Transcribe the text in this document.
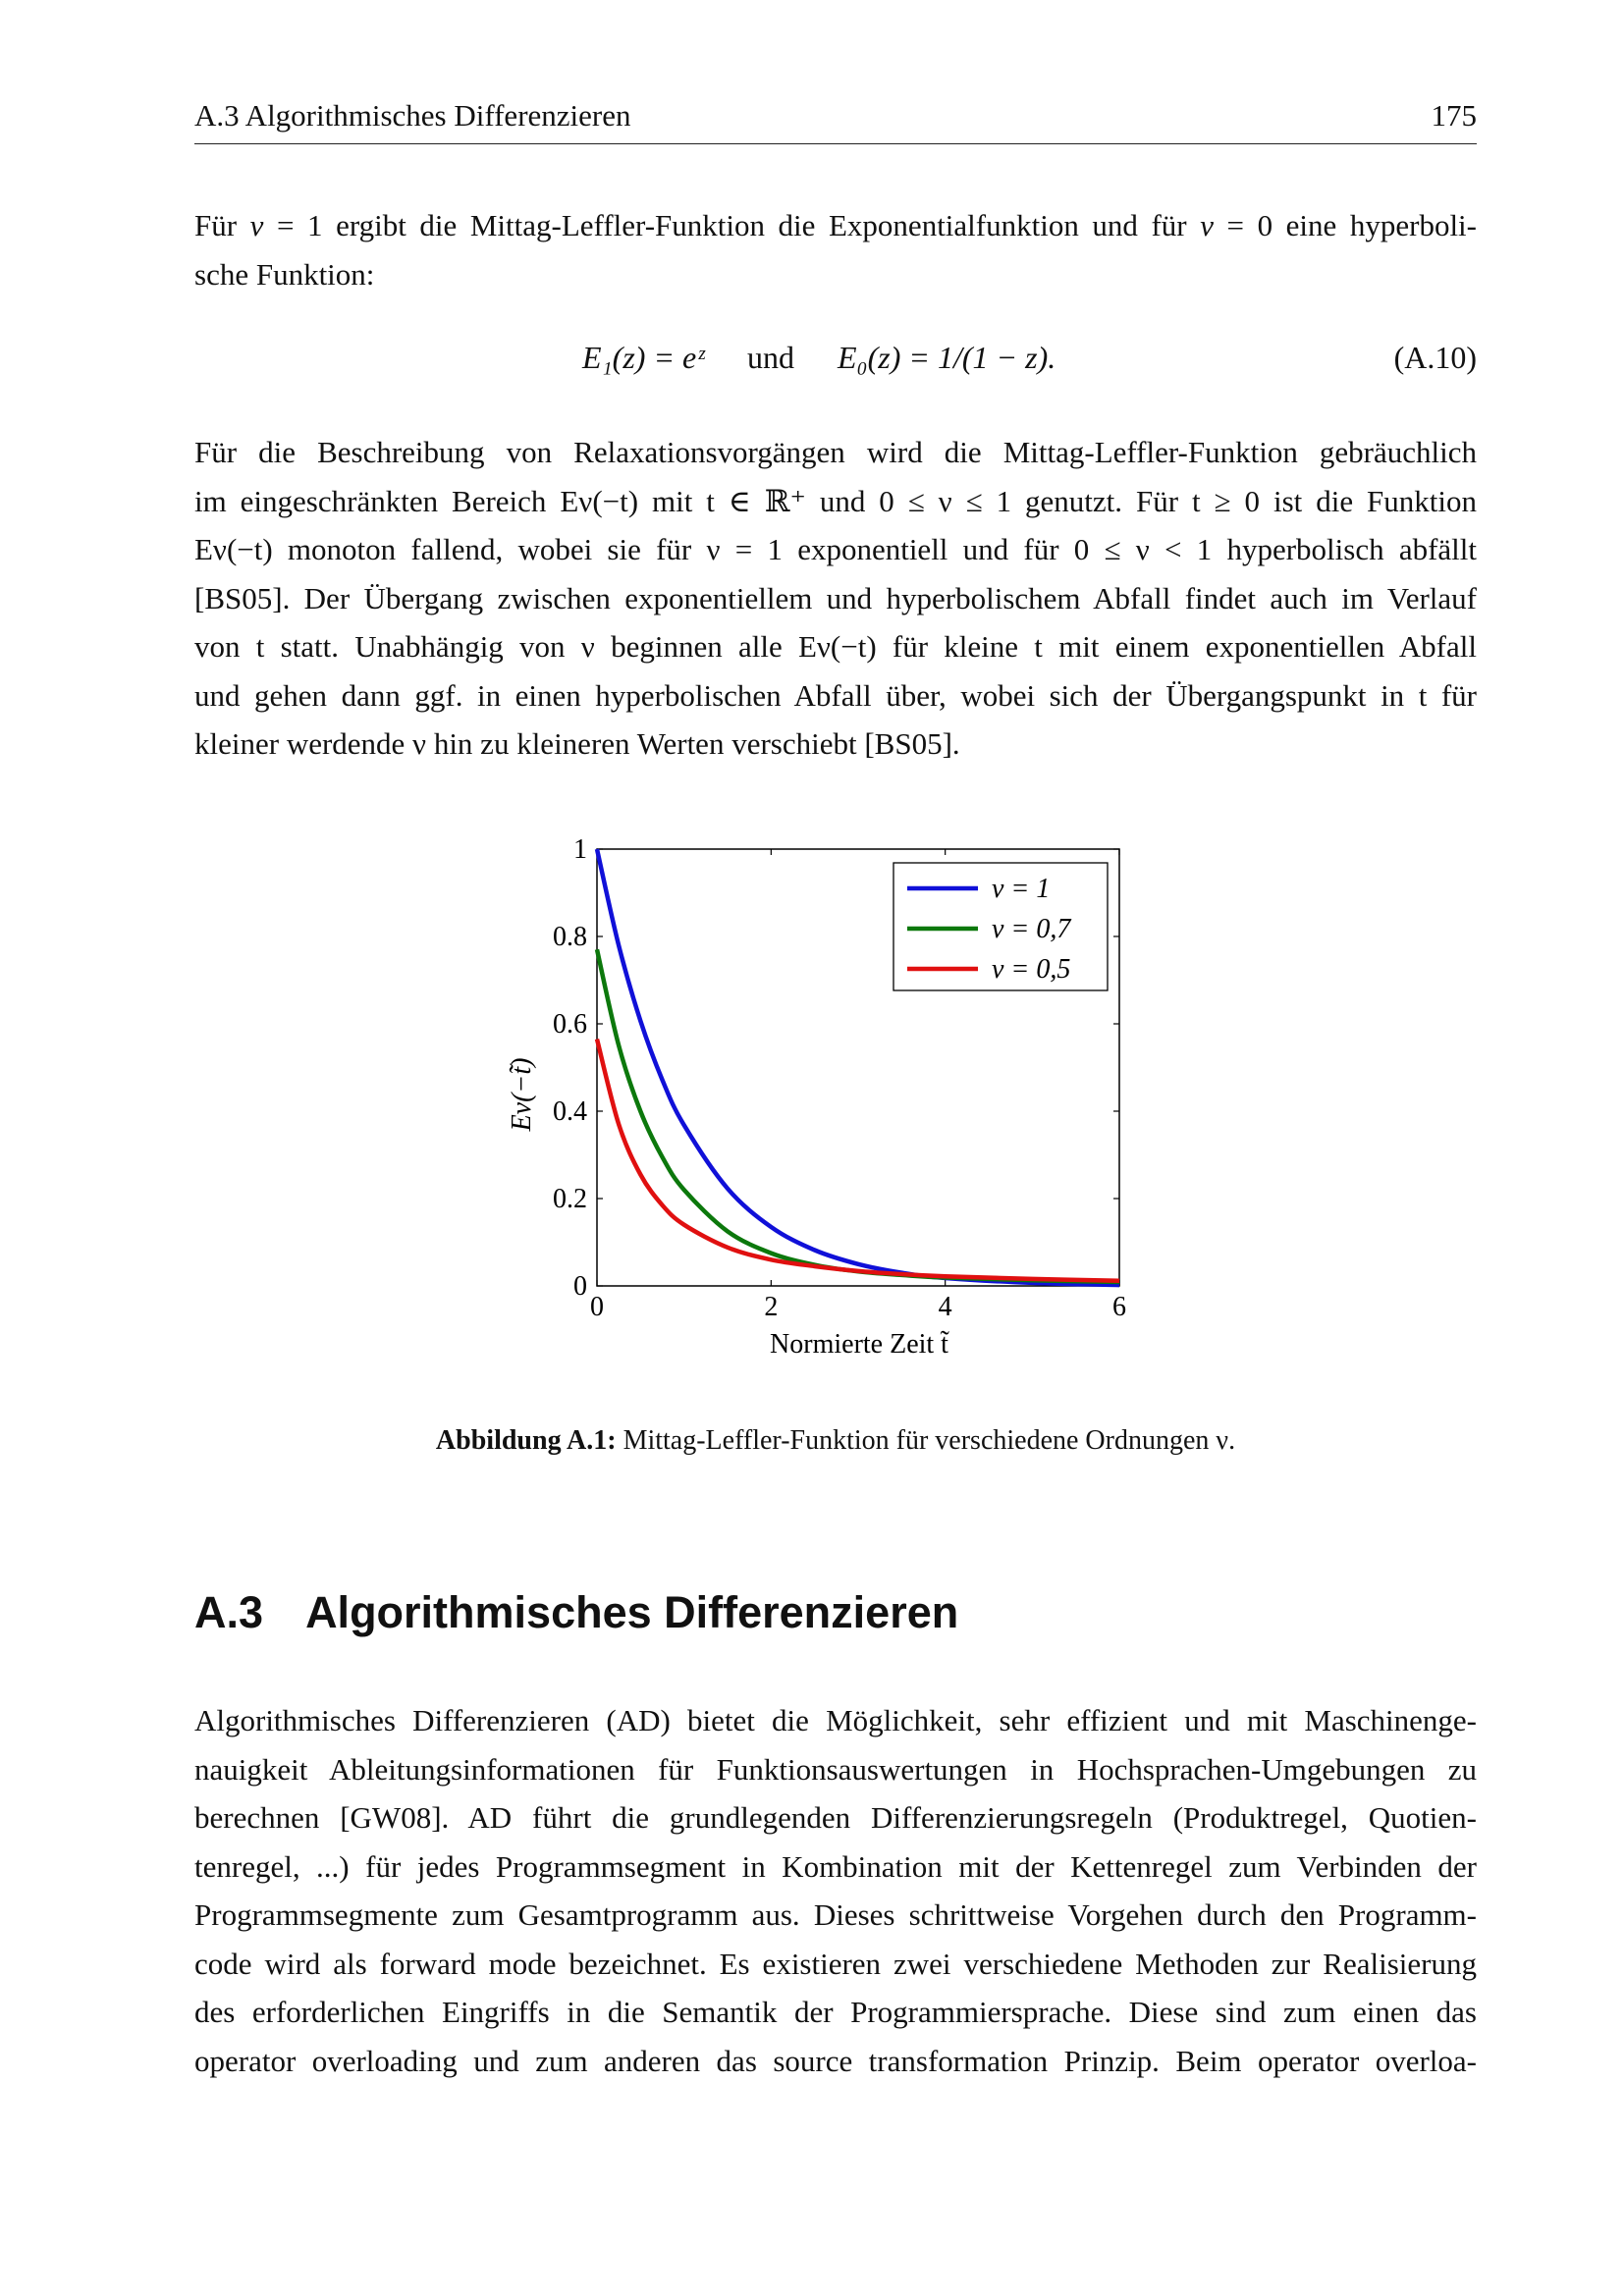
A.3 Algorithmisches Differenzieren	175
Für ν = 1 ergibt die Mittag-Leffler-Funktion die Exponentialfunktion und für ν = 0 eine hyperboli-
sche Funktion:
E₁(z) = eᶻ und E₀(z) = 1/(1 − z).	(A.10)
Für die Beschreibung von Relaxationsvorgängen wird die Mittag-Leffler-Funktion gebräuchlich
im eingeschränkten Bereich Eν(−t) mit t ∈ ℝ⁺ und 0 ≤ ν ≤ 1 genutzt. Für t ≥ 0 ist die Funktion
Eν(−t) monoton fallend, wobei sie für ν = 1 exponentiell und für 0 ≤ ν < 1 hyperbolisch abfällt
[BS05]. Der Übergang zwischen exponentiellem und hyperbolischem Abfall findet auch im Verlauf
von t statt. Unabhängig von ν beginnen alle Eν(−t) für kleine t mit einem exponentiellen Abfall
und gehen dann ggf. in einen hyperbolischen Abfall über, wobei sich der Übergangspunkt in t für
kleiner werdende ν hin zu kleineren Werten verschiebt [BS05].
0
0.2
0.4
0.6
0.8
1
0	2	4	6
ν = 1
ν = 0,7
ν = 0,5
Normierte Zeit t̃
Eν(−t̃)
Abbildung A.1: Mittag-Leffler-Funktion für verschiedene Ordnungen ν.
A.3 Algorithmisches Differenzieren
Algorithmisches Differenzieren (AD) bietet die Möglichkeit, sehr effizient und mit Maschinenge-
nauigkeit Ableitungsinformationen für Funktionsauswertungen in Hochsprachen-Umgebungen zu
berechnen [GW08]. AD führt die grundlegenden Differenzierungsregeln (Produktregel, Quotien-
tenregel, ...) für jedes Programmsegment in Kombination mit der Kettenregel zum Verbinden der
Programmsegmente zum Gesamtprogramm aus. Dieses schrittweise Vorgehen durch den Programm-
code wird als forward mode bezeichnet. Es existieren zwei verschiedene Methoden zur Realisierung
des erforderlichen Eingriffs in die Semantik der Programmiersprache. Diese sind zum einen das
operator overloading und zum anderen das source transformation Prinzip. Beim operator overloa-
